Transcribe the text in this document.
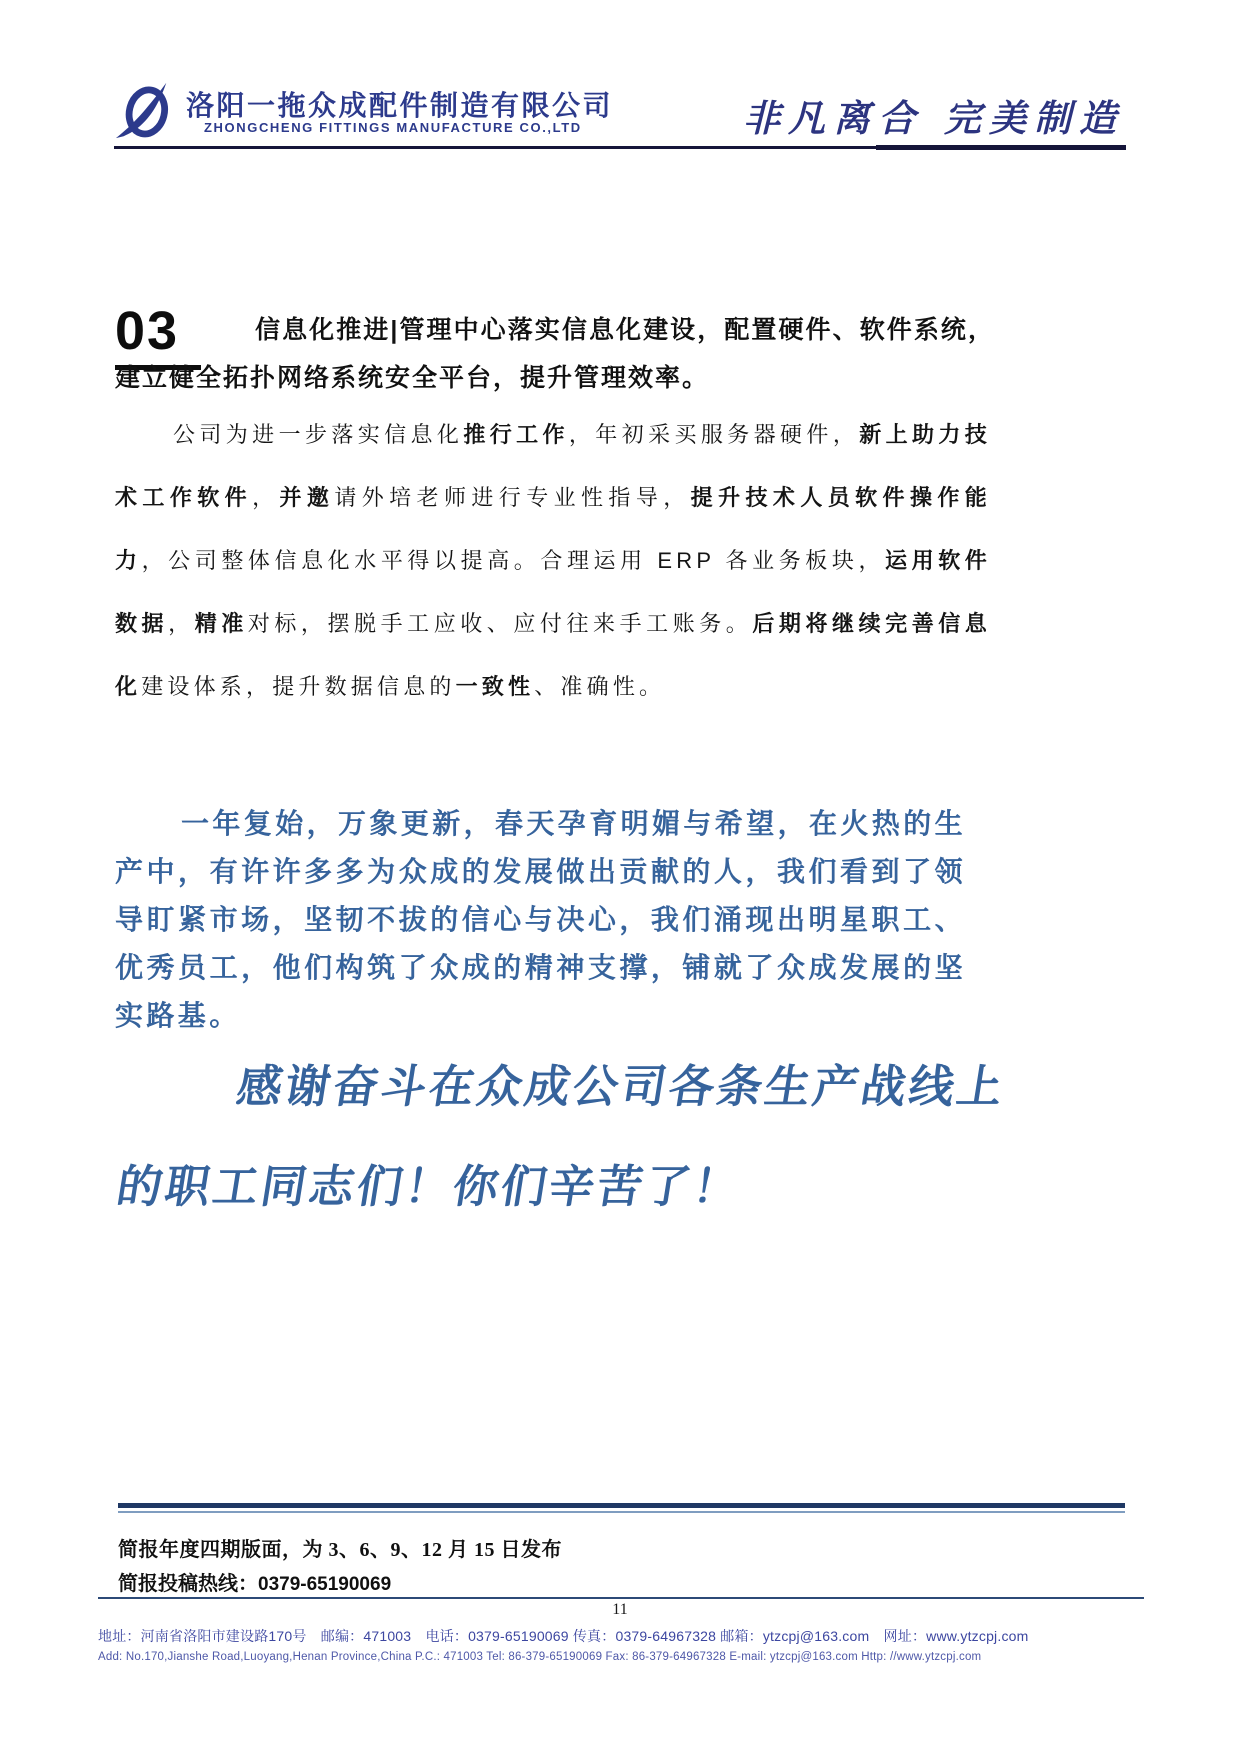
洛阳一拖众成配件制造有限公司
ZHONGCHENG FITTINGS MANUFACTURE CO.,LTD	非凡离合 完美制造
03	信息化推进|管理中心落实信息化建设，配置硬件、软件系统，建立健全拓扑网络系统安全平台，提升管理效率。

公司为进一步落实信息化推行工作，年初采买服务器硬件，新上助力技术工作软件，并邀请外培老师进行专业性指导，提升技术人员软件操作能力，公司整体信息化水平得以提高。合理运用 ERP 各业务板块，运用软件数据，精准对标，摆脱手工应收、应付往来手工账务。后期将继续完善信息化建设体系，提升数据信息的一致性、准确性。

一年复始，万象更新，春天孕育明媚与希望，在火热的生产中，有许许多多为众成的发展做出贡献的人，我们看到了领导盯紧市场，坚韧不拔的信心与决心，我们涌现出明星职工、优秀员工，他们构筑了众成的精神支撑，铺就了众成发展的坚实路基。

感谢奋斗在众成公司各条生产战线上
的职工同志们！你们辛苦了！
简报年度四期版面，为 3、6、9、12 月 15 日发布
简报投稿热线：0379-65190069
11
地址：河南省洛阳市建设路170号　邮编：471003　电话：0379-65190069 传真：0379-64967328 邮箱：ytzcpj@163.com　网址：www.ytzcpj.com
Add: No.170,Jianshe Road,Luoyang,Henan Province,China P.C.: 471003 Tel: 86-379-65190069 Fax: 86-379-64967328 E-mail: ytzcpj@163.com Http: //www.ytzcpj.com
